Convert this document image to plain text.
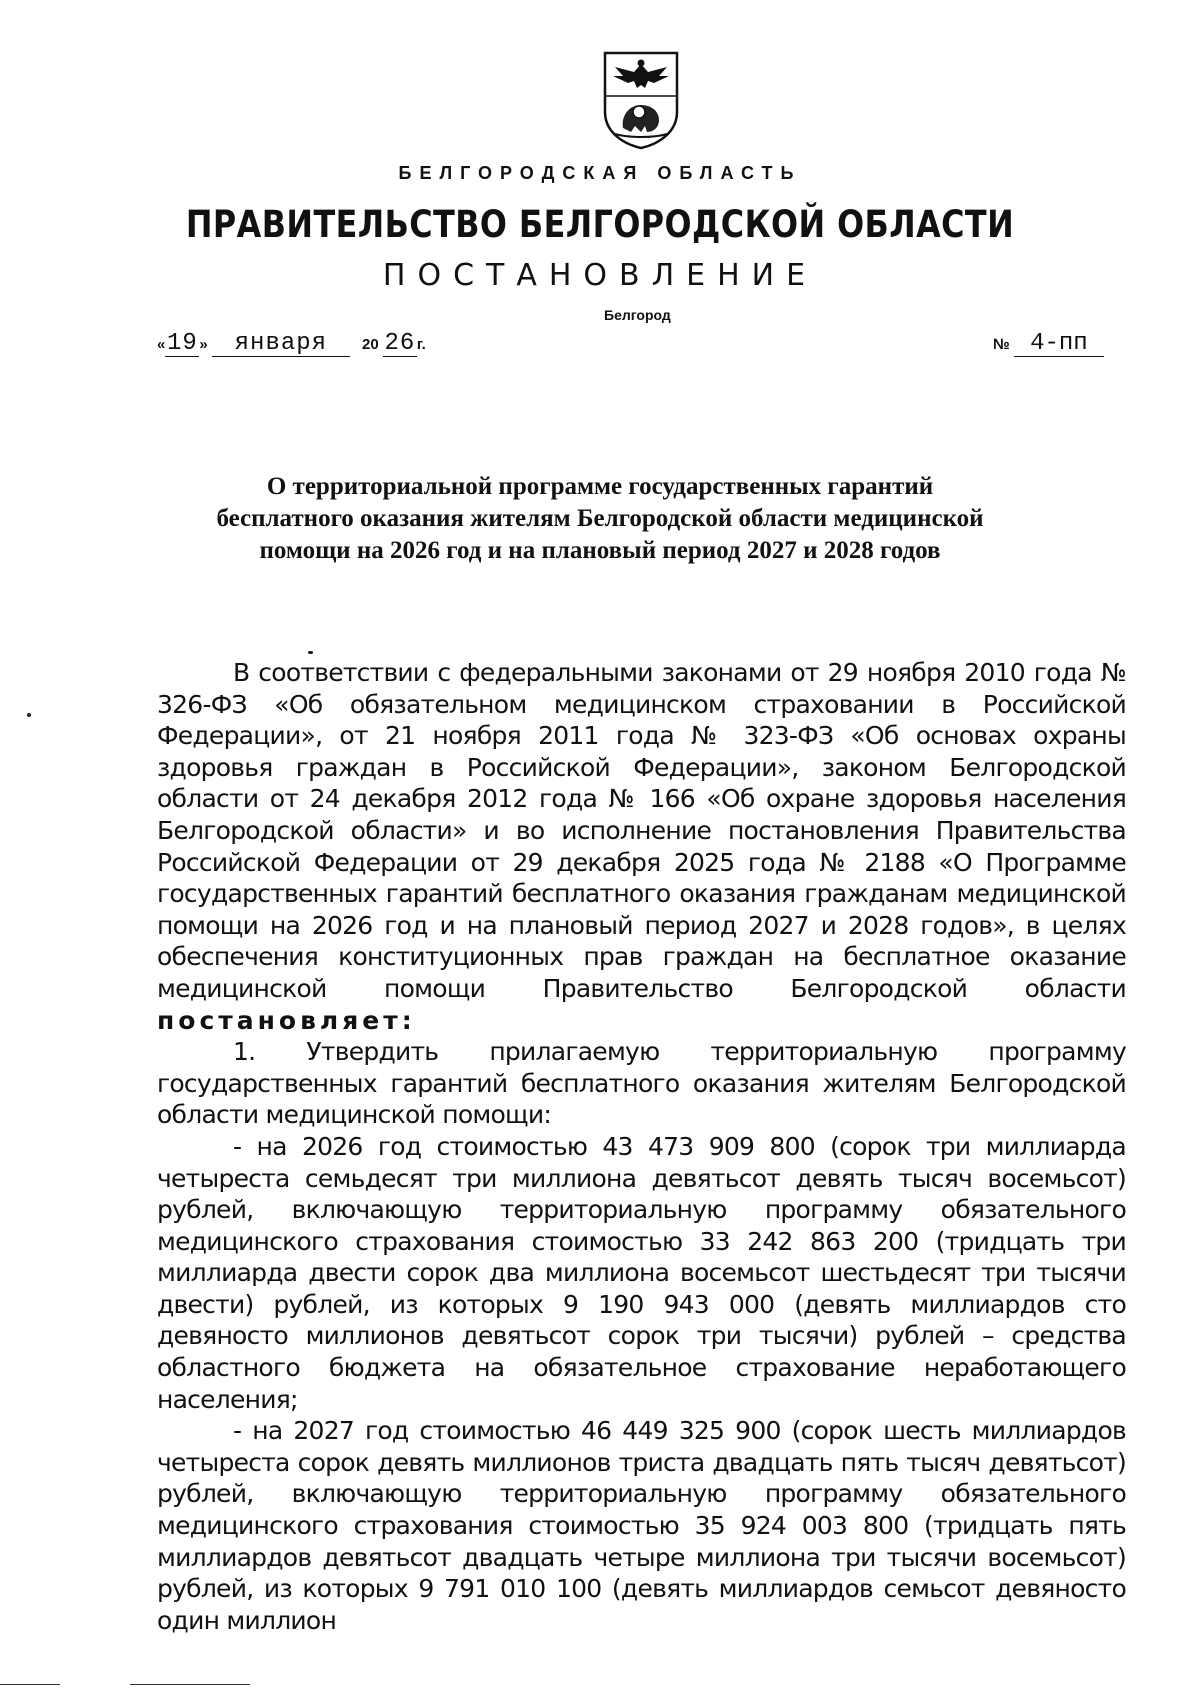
БЕЛГОРОДСКАЯ ОБЛАСТЬ
ПРАВИТЕЛЬСТВО БЕЛГОРОДСКОЙ ОБЛАСТИ
ПОСТАНОВЛЕНИЕ
Белгород
«19 » января 20 26 г.	№ 4-пп
О территориальной программе государственных гарантий
бесплатного оказания жителям Белгородской области медицинской
помощи на 2026 год и на плановый период 2027 и 2028 годов

В соответствии с федеральными законами от 29 ноября 2010 года № 326-ФЗ «Об обязательном медицинском страховании в Российской Федерации», от 21 ноября 2011 года № 323-ФЗ «Об основах охраны здоровья граждан в Российской Федерации», законом Белгородской области от 24 декабря 2012 года № 166 «Об охране здоровья населения Белгородской области» и во исполнение постановления Правительства Российской Федерации от 29 декабря 2025 года № 2188 «О Программе государственных гарантий бесплатного оказания гражданам медицинской помощи на 2026 год и на плановый период 2027 и 2028 годов», в целях обеспечения конституционных прав граждан на бесплатное оказание медицинской помощи Правительство Белгородской области постановляет:

1. Утвердить прилагаемую территориальную программу государственных гарантий бесплатного оказания жителям Белгородской области медицинской помощи:

- на 2026 год стоимостью 43 473 909 800 (сорок три миллиарда четыреста семьдесят три миллиона девятьсот девять тысяч восемьсот) рублей, включающую территориальную программу обязательного медицинского страхования стоимостью 33 242 863 200 (тридцать три миллиарда двести сорок два миллиона восемьсот шестьдесят три тысячи двести) рублей, из которых 9 190 943 000 (девять миллиардов сто девяносто миллионов девятьсот сорок три тысячи) рублей – средства областного бюджета на обязательное страхование неработающего населения;

- на 2027 год стоимостью 46 449 325 900 (сорок шесть миллиардов четыреста сорок девять миллионов триста двадцать пять тысяч девятьсот) рублей, включающую территориальную программу обязательного медицинского страхования стоимостью 35 924 003 800 (тридцать пять миллиардов девятьсот двадцать четыре миллиона три тысячи восемьсот) рублей, из которых 9 791 010 100 (девять миллиардов семьсот девяносто один миллион
